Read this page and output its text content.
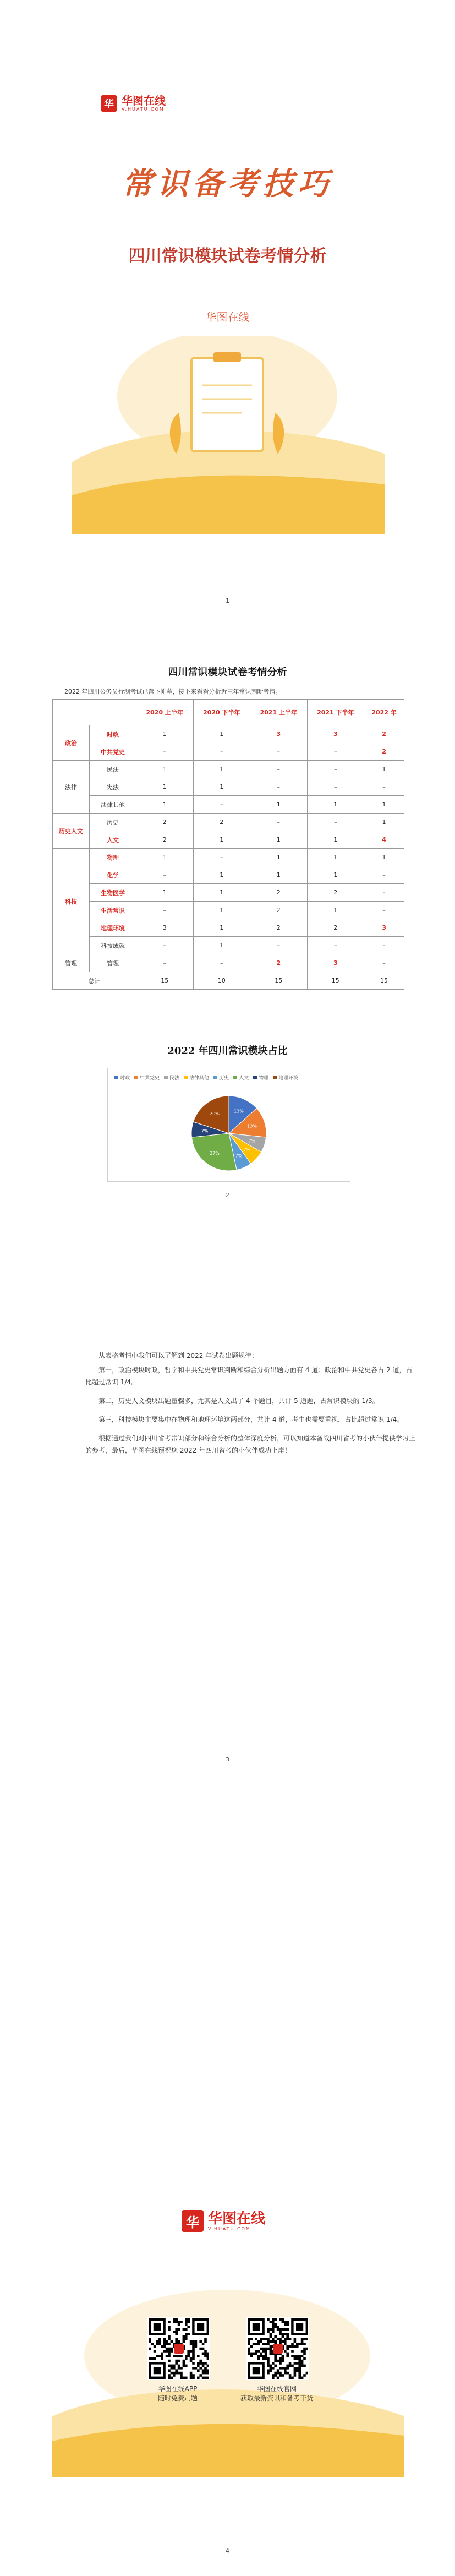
华 华图在线
V.HUATU.COM
常识备考技巧
四川常识模块试卷考情分析
华图在线
1
四川常识模块试卷考情分析
2022 年四川公务员行测考试已落下帷幕，接下来看看分析近三年常识判断考情。
		2020 上半年	2020 下半年	2021 上半年	2021 下半年	2022 年
政治	时政	1	1	3	3	2
	中共党史	–	–	–	–	2
法律	民法	1	1	–	–	1
	宪法	1	1	–	–	–
	法律其他	1	–	1	1	1
历史人文	历史	2	2	–	–	1
	人文	2	1	1	1	4
科技	物理	1	–	1	1	1
	化学	–	1	1	1	–
	生物医学	1	1	2	2	–
	生活常识	–	1	2	1	–
	地理环境	3	1	2	2	3
	科技成就	–	1	–	–	–
管理	管理	–	–	2	3	–
总计		15	10	15	15	15
2022 年四川常识模块占比
时政 中共党史 民法 法律其他 历史 人文 物理 地理环境
13%
13%
7%
7%
7%
27%
7%
20%
2

从表格考情中我们可以了解到 2022 年试卷出题规律：

第一，政治模块时政，哲学和中共党史常识判断和综合分析出题方面有 4 道；政治和中共党史各占 2 道，占比超过常识 1/4。

第二，历史人文模块出题量骤多，尤其是人文出了 4 个题目，共计 5 道题，占常识模块的 1/3。

第三，科技模块主要集中在物理和地理环境这两部分，共计 4 道，考生也需要重视，占比超过常识 1/4。

根据通过我们对四川省考常识部分和综合分析的整体深度分析，可以知道本备战四川省考的小伙伴提供学习上的参考，最后，华图在线预祝您 2022 年四川省考的小伙伴成功上岸！

3
华 华图在线
V.HUATU.COM
华图在线APP
随时免费刷题
华图在线官网
获取最新资讯和备考干货
4
